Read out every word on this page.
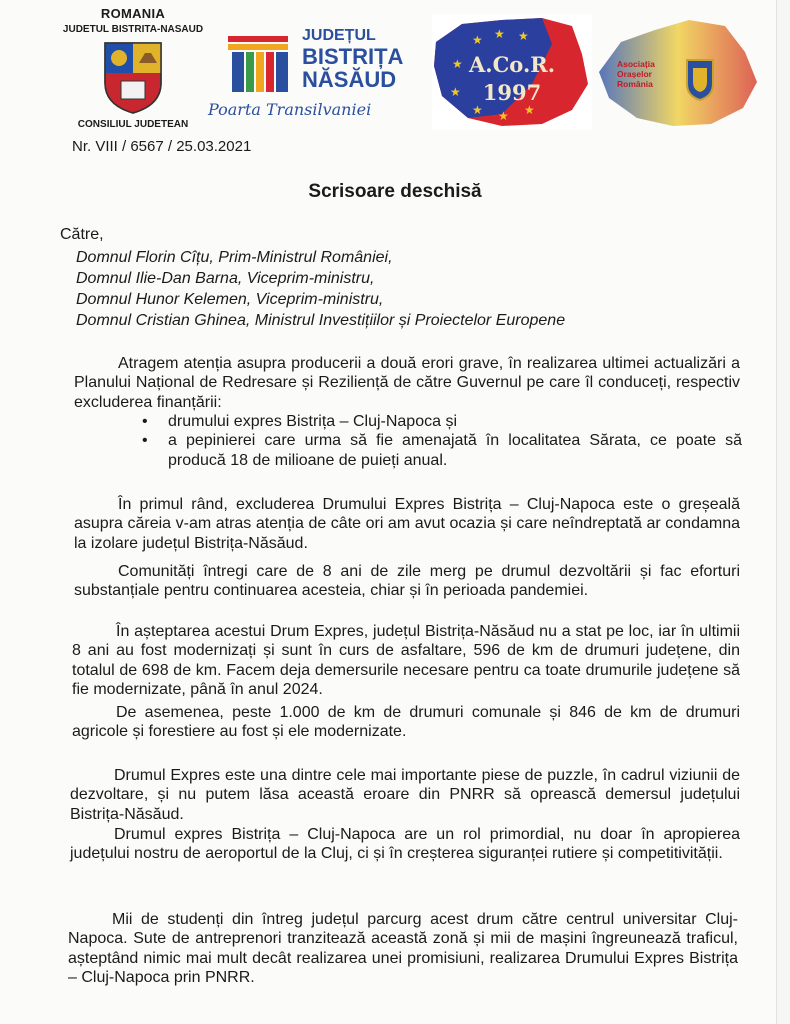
ROMANIA
JUDETUL BISTRITA-NASAUD
CONSILIUL JUDETEAN
Nr. VIII / 6567 / 25.03.2021
JUDEȚUL
BISTRIȚA
NĂSĂUD
Poarta Transilvaniei
★ ★ ★
★
★
★ ★ ★
A.Co.R.
1997
Asociația
Orașelor
România
Scrisoare deschisă
Către,
Domnul Florin Cîțu, Prim-Ministrul României,
Domnul Ilie-Dan Barna, Viceprim-ministru,
Domnul Hunor Kelemen, Viceprim-ministru,
Domnul Cristian Ghinea, Ministrul Investițiilor și Proiectelor Europene
Atragem atenția asupra producerii a două erori grave, în realizarea ultimei actualizări a Planului Național de Redresare și Reziliență de către Guvernul pe care îl conduceți, respectiv excluderea finanțării:
• drumului expres Bistrița – Cluj-Napoca și
• a pepinierei care urma să fie amenajată în localitatea Sărata, ce poate să producă 18 de milioane de puieți anual.
În primul rând, excluderea Drumului Expres Bistrița – Cluj-Napoca este o greșeală asupra căreia v-am atras atenția de câte ori am avut ocazia și care neîndreptată ar condamna la izolare județul Bistrița-Năsăud.
Comunități întregi care de 8 ani de zile merg pe drumul dezvoltării și fac eforturi substanțiale pentru continuarea acesteia, chiar și în perioada pandemiei.
În așteptarea acestui Drum Expres, județul Bistrița-Năsăud nu a stat pe loc, iar în ultimii 8 ani au fost modernizați și sunt în curs de asfaltare, 596 de km de drumuri județene, din totalul de 698 de km. Facem deja demersurile necesare pentru ca toate drumurile județene să fie modernizate, până în anul 2024.
De asemenea, peste 1.000 de km de drumuri comunale și 846 de km de drumuri agricole și forestiere au fost și ele modernizate.
Drumul Expres este una dintre cele mai importante piese de puzzle, în cadrul viziunii de dezvoltare, și nu putem lăsa această eroare din PNRR să oprească demersul județului Bistrița-Năsăud.
Drumul expres Bistrița – Cluj-Napoca are un rol primordial, nu doar în apropierea județului nostru de aeroportul de la Cluj, ci și în creșterea siguranței rutiere și competitivității.
Mii de studenți din întreg județul parcurg acest drum către centrul universitar Cluj-Napoca. Sute de antreprenori tranzitează această zonă și mii de mașini îngreunează traficul, așteptând nimic mai mult decât realizarea unei promisiuni, realizarea Drumului Expres Bistrița – Cluj-Napoca prin PNRR.
